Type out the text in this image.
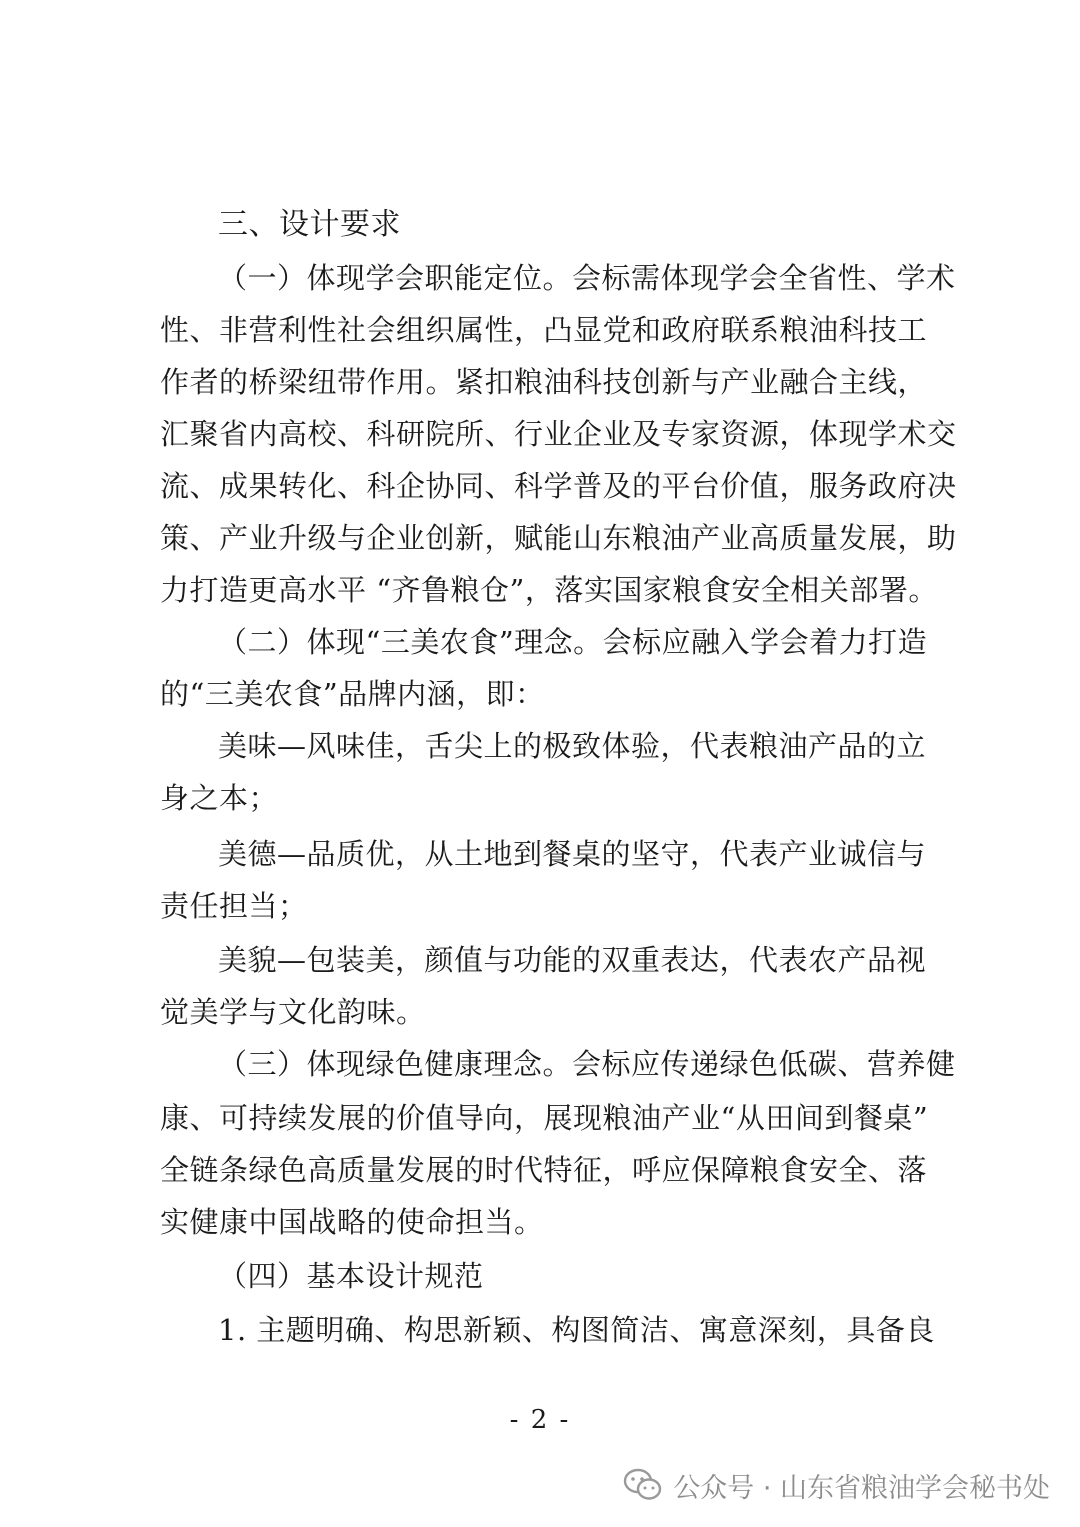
三、设计要求
（一）体现学会职能定位。会标需体现学会全省性、学术
性、非营利性社会组织属性，凸显党和政府联系粮油科技工
作者的桥梁纽带作用。紧扣粮油科技创新与产业融合主线，
汇聚省内高校、科研院所、行业企业及专家资源，体现学术交
流、成果转化、科企协同、科学普及的平台价值，服务政府决
策、产业升级与企业创新，赋能山东粮油产业高质量发展，助
力打造更高水平 “齐鲁粮仓”，落实国家粮食安全相关部署。
（二）体现“三美农食”理念。会标应融入学会着力打造
的“三美农食”品牌内涵，即：
美味—风味佳，舌尖上的极致体验，代表粮油产品的立
身之本；
美德—品质优，从土地到餐桌的坚守，代表产业诚信与
责任担当；
美貌—包装美，颜值与功能的双重表达，代表农产品视
觉美学与文化韵味。
（三）体现绿色健康理念。会标应传递绿色低碳、营养健
康、可持续发展的价值导向，展现粮油产业“从田间到餐桌”
全链条绿色高质量发展的时代特征，呼应保障粮食安全、落
实健康中国战略的使命担当。
（四）基本设计规范
1. 主题明确、构思新颖、构图简洁、寓意深刻，具备良
- 2 -
公众号 · 山东省粮油学会秘书处
